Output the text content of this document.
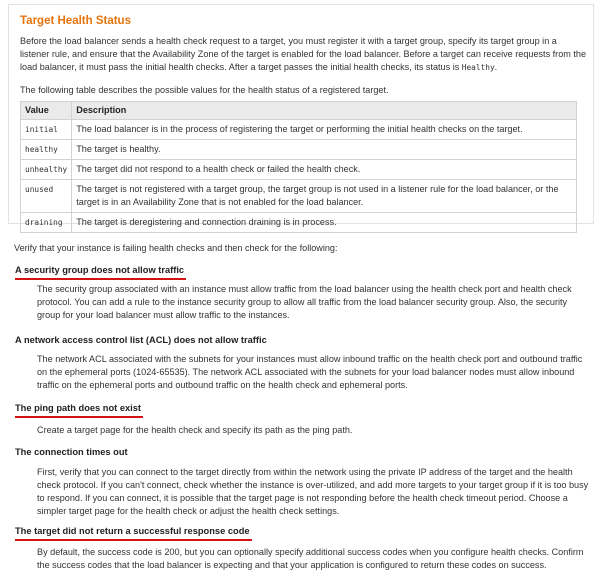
Target Health Status

Before the load balancer sends a health check request to a target, you must register it with a target group, specify its target group in a listener rule, and ensure that the Availability Zone of the target is enabled for the load balancer. Before a target can receive requests from the load balancer, it must pass the initial health checks. After a target passes the initial health checks, its status is Healthy.

The following table describes the possible values for the health status of a registered target.

Value	Description
initial	The load balancer is in the process of registering the target or performing the initial health checks on the target.
healthy	The target is healthy.
unhealthy	The target did not respond to a health check or failed the health check.
unused	The target is not registered with a target group, the target group is not used in a listener rule for the load balancer, or the target is in an Availability Zone that is not enabled for the load balancer.
draining	The target is deregistering and connection draining is in process.

Verify that your instance is failing health checks and then check for the following:

A security group does not allow traffic

The security group associated with an instance must allow traffic from the load balancer using the health check port and health check protocol. You can add a rule to the instance security group to allow all traffic from the load balancer security group. Also, the security group for your load balancer must allow traffic to the instances.

A network access control list (ACL) does not allow traffic

The network ACL associated with the subnets for your instances must allow inbound traffic on the health check port and outbound traffic on the ephemeral ports (1024-65535). The network ACL associated with the subnets for your load balancer nodes must allow inbound traffic on the ephemeral ports and outbound traffic on the health check and ephemeral ports.

The ping path does not exist

Create a target page for the health check and specify its path as the ping path.

The connection times out

First, verify that you can connect to the target directly from within the network using the private IP address of the target and the health check protocol. If you can't connect, check whether the instance is over-utilized, and add more targets to your target group if it is too busy to respond. If you can connect, it is possible that the target page is not responding before the health check timeout period. Choose a simpler target page for the health check or adjust the health check settings.

The target did not return a successful response code

By default, the success code is 200, but you can optionally specify additional success codes when you configure health checks. Confirm the success codes that the load balancer is expecting and that your application is configured to return these codes on success.
